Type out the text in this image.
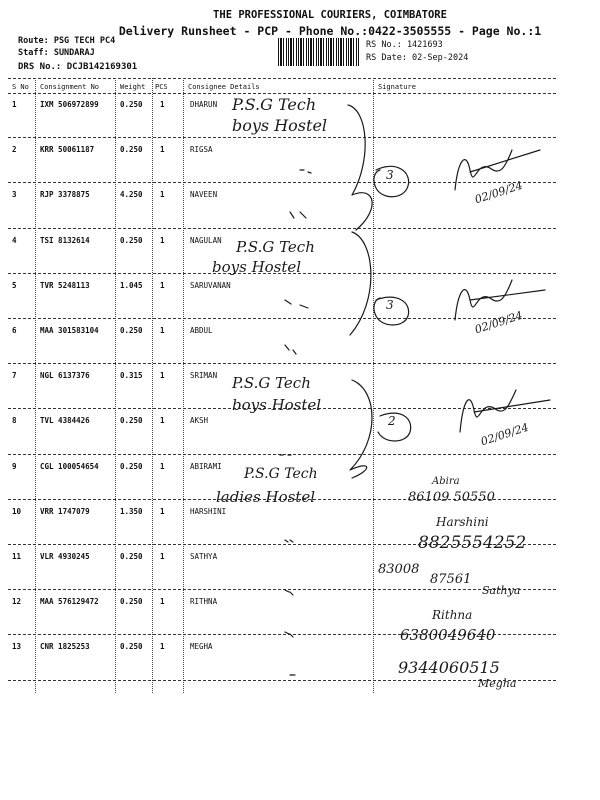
THE PROFESSIONAL COURIERS, COIMBATORE
Delivery Runsheet - PCP - Phone No.:0422-3505555 - Page No.:1
Route: PSG TECH PC4
Staff: SUNDARAJ
DRS No.: DCJB142169301
RS No.: 1421693
RS Date: 02-Sep-2024
S No Consignment No	Weight PCS	Consignee Details	Signature
1	IXM 506972899	0.250 1	DHARUN
2	KRR 50061187	0.250 1	RIGSA
3	RJP 3378875	4.250 1	NAVEEN
4	TSI 8132614	0.250 1	NAGULAN
5	TVR 5248113	1.045 1	SARUVANAN
6	MAA 301583104	0.250 1	ABDUL
7	NGL 6137376	0.315 1	SRIMAN
8	TVL 4384426	0.250 1	AKSH
9	CGL 100054654	0.250 1	ABIRAMI
10	VRR 1747079	1.350 1	HARSHINI
11	VLR 4930245	0.250 1	SATHYA
12	MAA 576129472	0.250 1	RITHNA
13	CNR 1825253	0.250 1	MEGHA
P.S.G Tech
boys Hostel
P.S.G Tech
boys Hostel
P.S.G Tech
boys Hostel
P.S.G Tech
ladies Hostel
3
3
2
02/09/24
02/09/24
02/09/24
Abira
86109 50550
Harshini
8825554252
83008
87561
Sathya
Rithna
6380049640
9344060515
Megha
